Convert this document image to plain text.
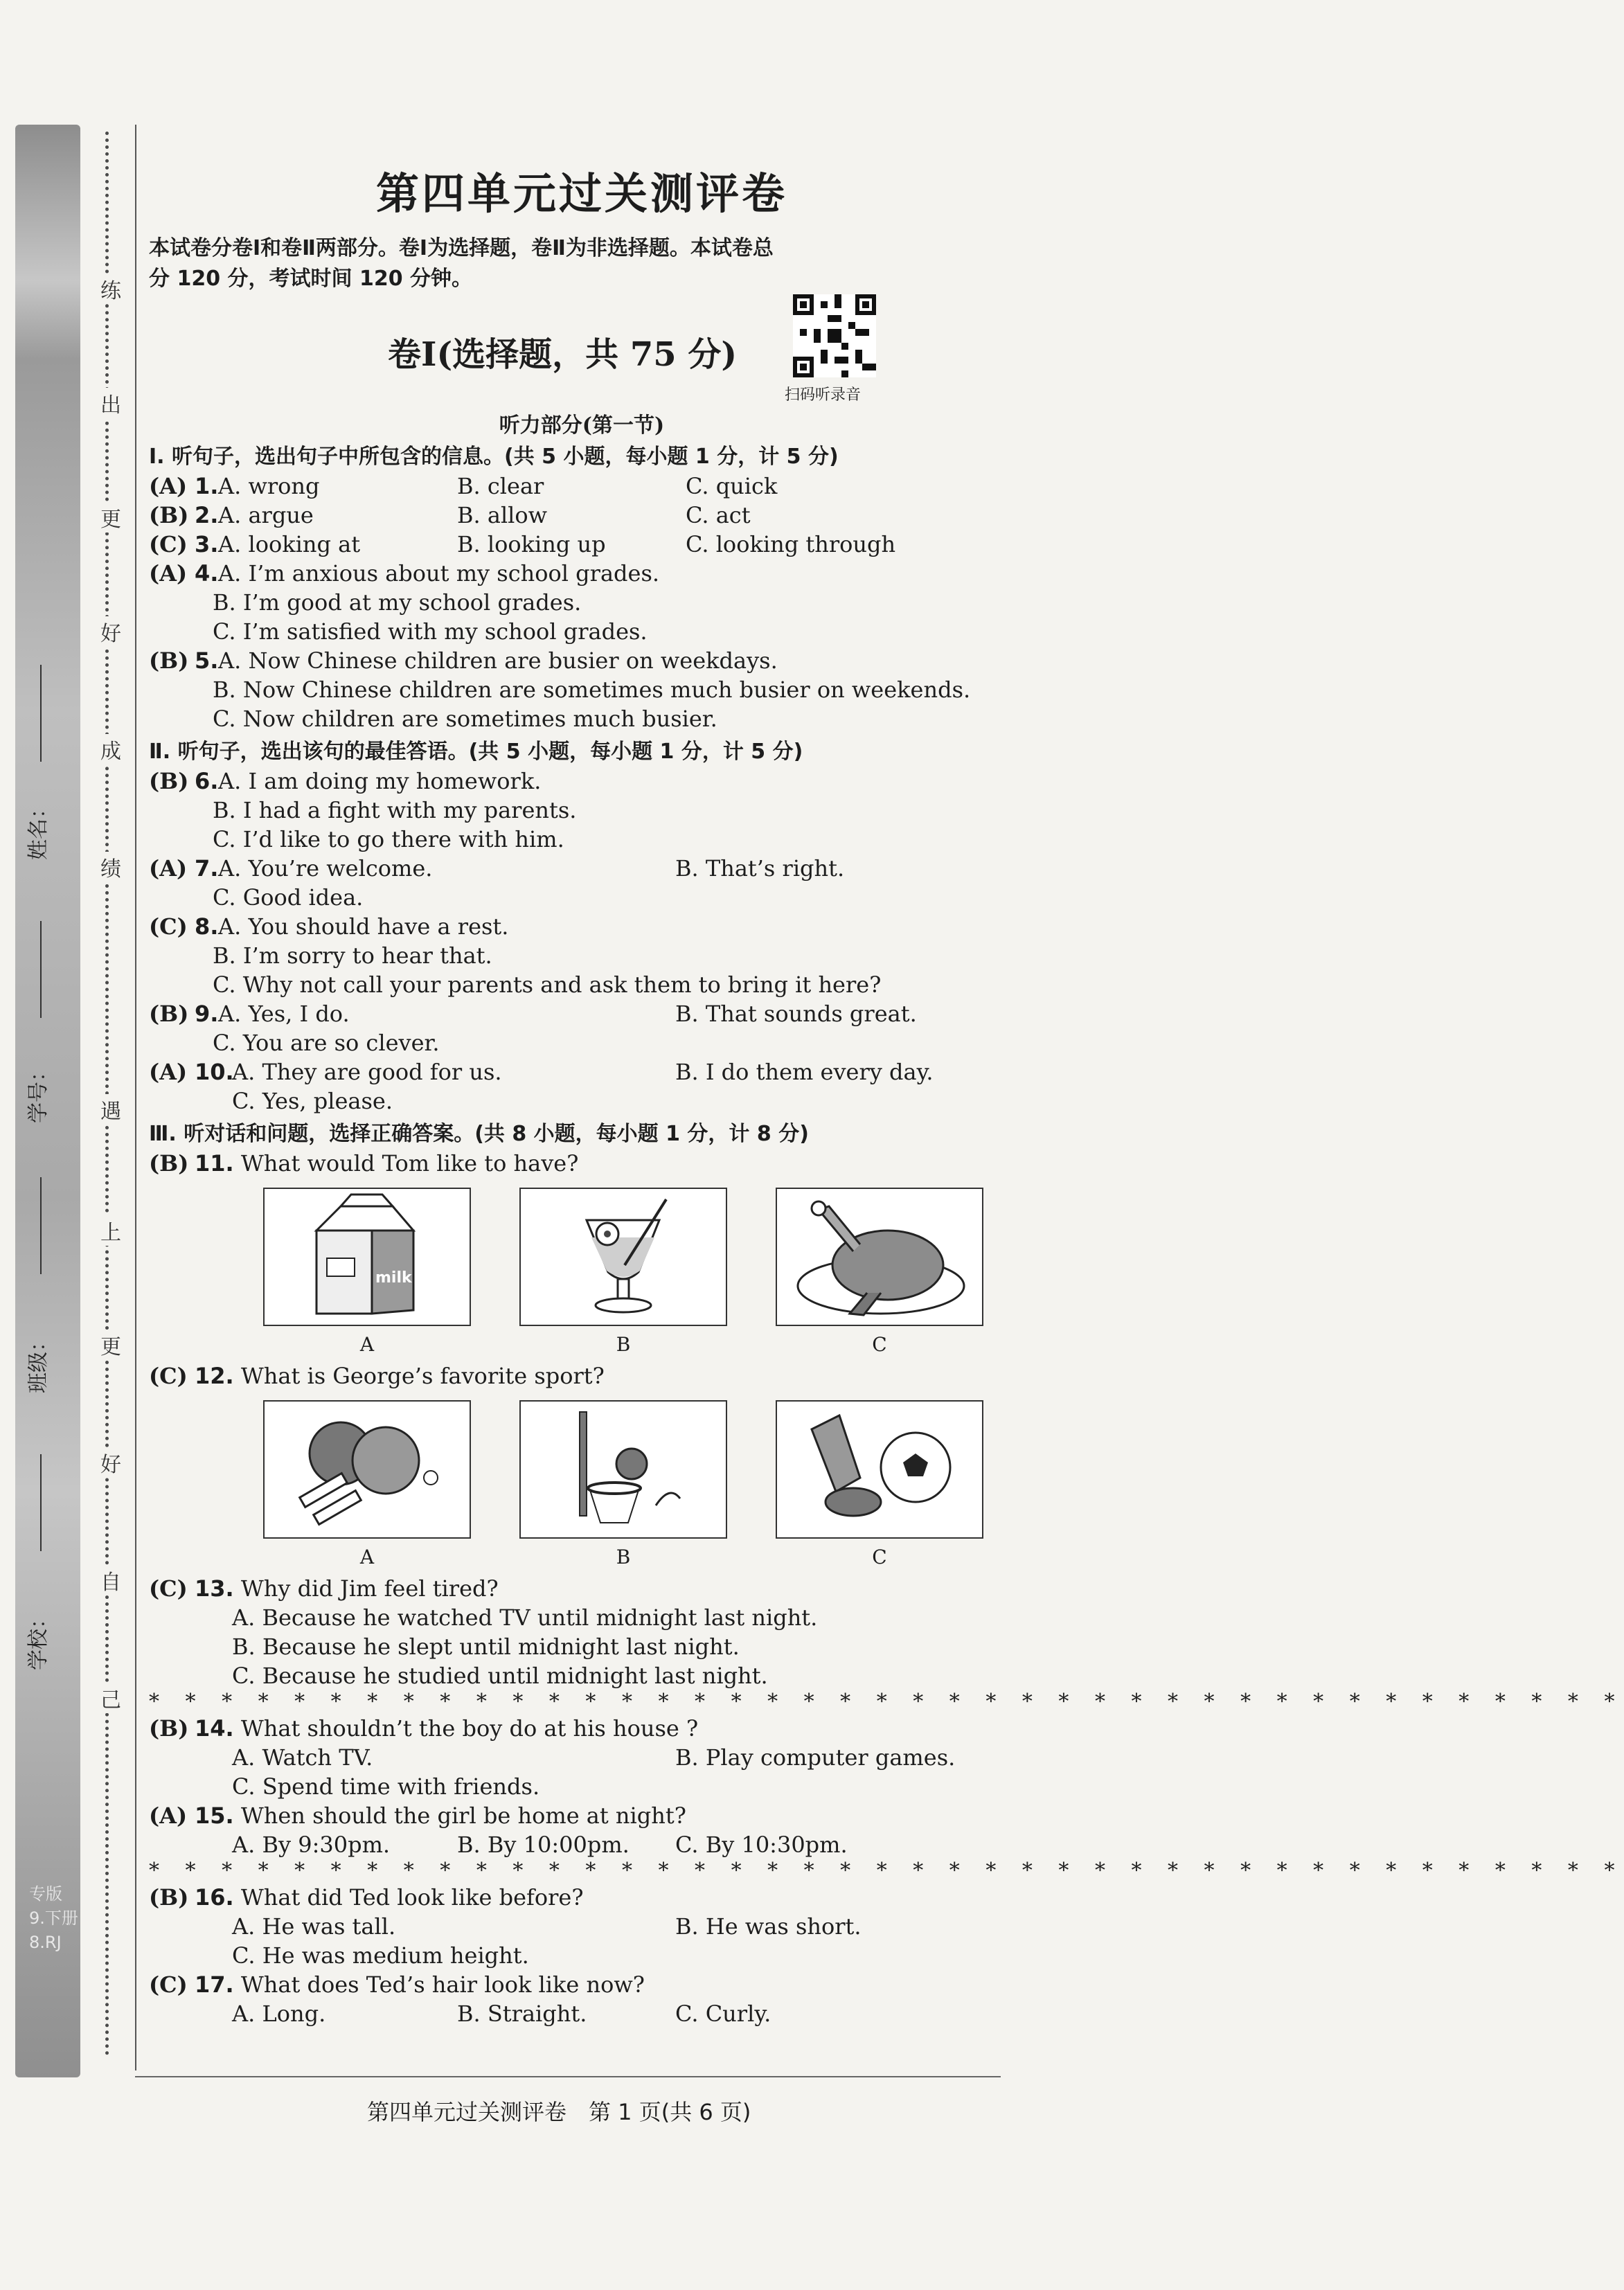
专版
9.下册
8.RJ
练
出
更
好
成
绩
遇
上
更
好
自
己
姓名：
学号：
班级：
学校：
第四单元过关测评卷

本试卷分卷Ⅰ和卷Ⅱ两部分。卷Ⅰ为选择题，卷Ⅱ为非选择题。本试卷总

分 120 分，考试时间 120 分钟。

卷Ⅰ(选择题，共 75 分)
扫码听录音
听力部分(第一节)
Ⅰ. 听句子，选出句子中所包含的信息。(共 5 小题，每小题 1 分，计 5 分)
(A) 1. A. wrong	B. clear	C. quick
(B) 2. A. argue	B. allow	C. act
(C) 3. A. looking at	B. looking up	C. looking through
(A) 4. A. I’m anxious about my school grades.
B. I’m good at my school grades.
C. I’m satisfied with my school grades.
(B) 5. A. Now Chinese children are busier on weekdays.
B. Now Chinese children are sometimes much busier on weekends.
C. Now children are sometimes much busier.
Ⅱ. 听句子，选出该句的最佳答语。(共 5 小题，每小题 1 分，计 5 分)
(B) 6. A. I am doing my homework.
B. I had a fight with my parents.
C. I’d like to go there with him.
(A) 7. A. You’re welcome.	B. That’s right.
C. Good idea.
(C) 8. A. You should have a rest.
B. I’m sorry to hear that.
C. Why not call your parents and ask them to bring it here?
(B) 9. A. Yes, I do.	B. That sounds great.
C. You are so clever.
(A) 10.
A. They are good for us.	B. I do them every day.
C. Yes, please.
Ⅲ. 听对话和问题，选择正确答案。(共 8 小题，每小题 1 分，计 8 分)
(B) 11. What would Tom like to have?
milk
A	B	C
(C) 12. What is George’s favorite sport?
A	B	C
(C) 13. Why did Jim feel tired?
A. Because he watched TV until midnight last night.
B. Because he slept until midnight last night.
C. Because he studied until midnight last night.
* * * * * * * * * * * * * * * * * * * * * * * * * * * * * * * * * * * * * * * * *
(B) 14. What shouldn’t the boy do at his house ?
A. Watch TV.	B. Play computer games.
C. Spend time with friends.
(A) 15. When should the girl be home at night?
A. By 9:30pm.	B. By 10:00pm. C. By 10:30pm.
* * * * * * * * * * * * * * * * * * * * * * * * * * * * * * * * * * * * * * * * *
(B) 16. What did Ted look like before?
A. He was tall.	B. He was short.
C. He was medium height.
(C) 17. What does Ted’s hair look like now?
A. Long.	B. Straight.	C. Curly.
第四单元过关测评卷　第 1 页(共 6 页)
